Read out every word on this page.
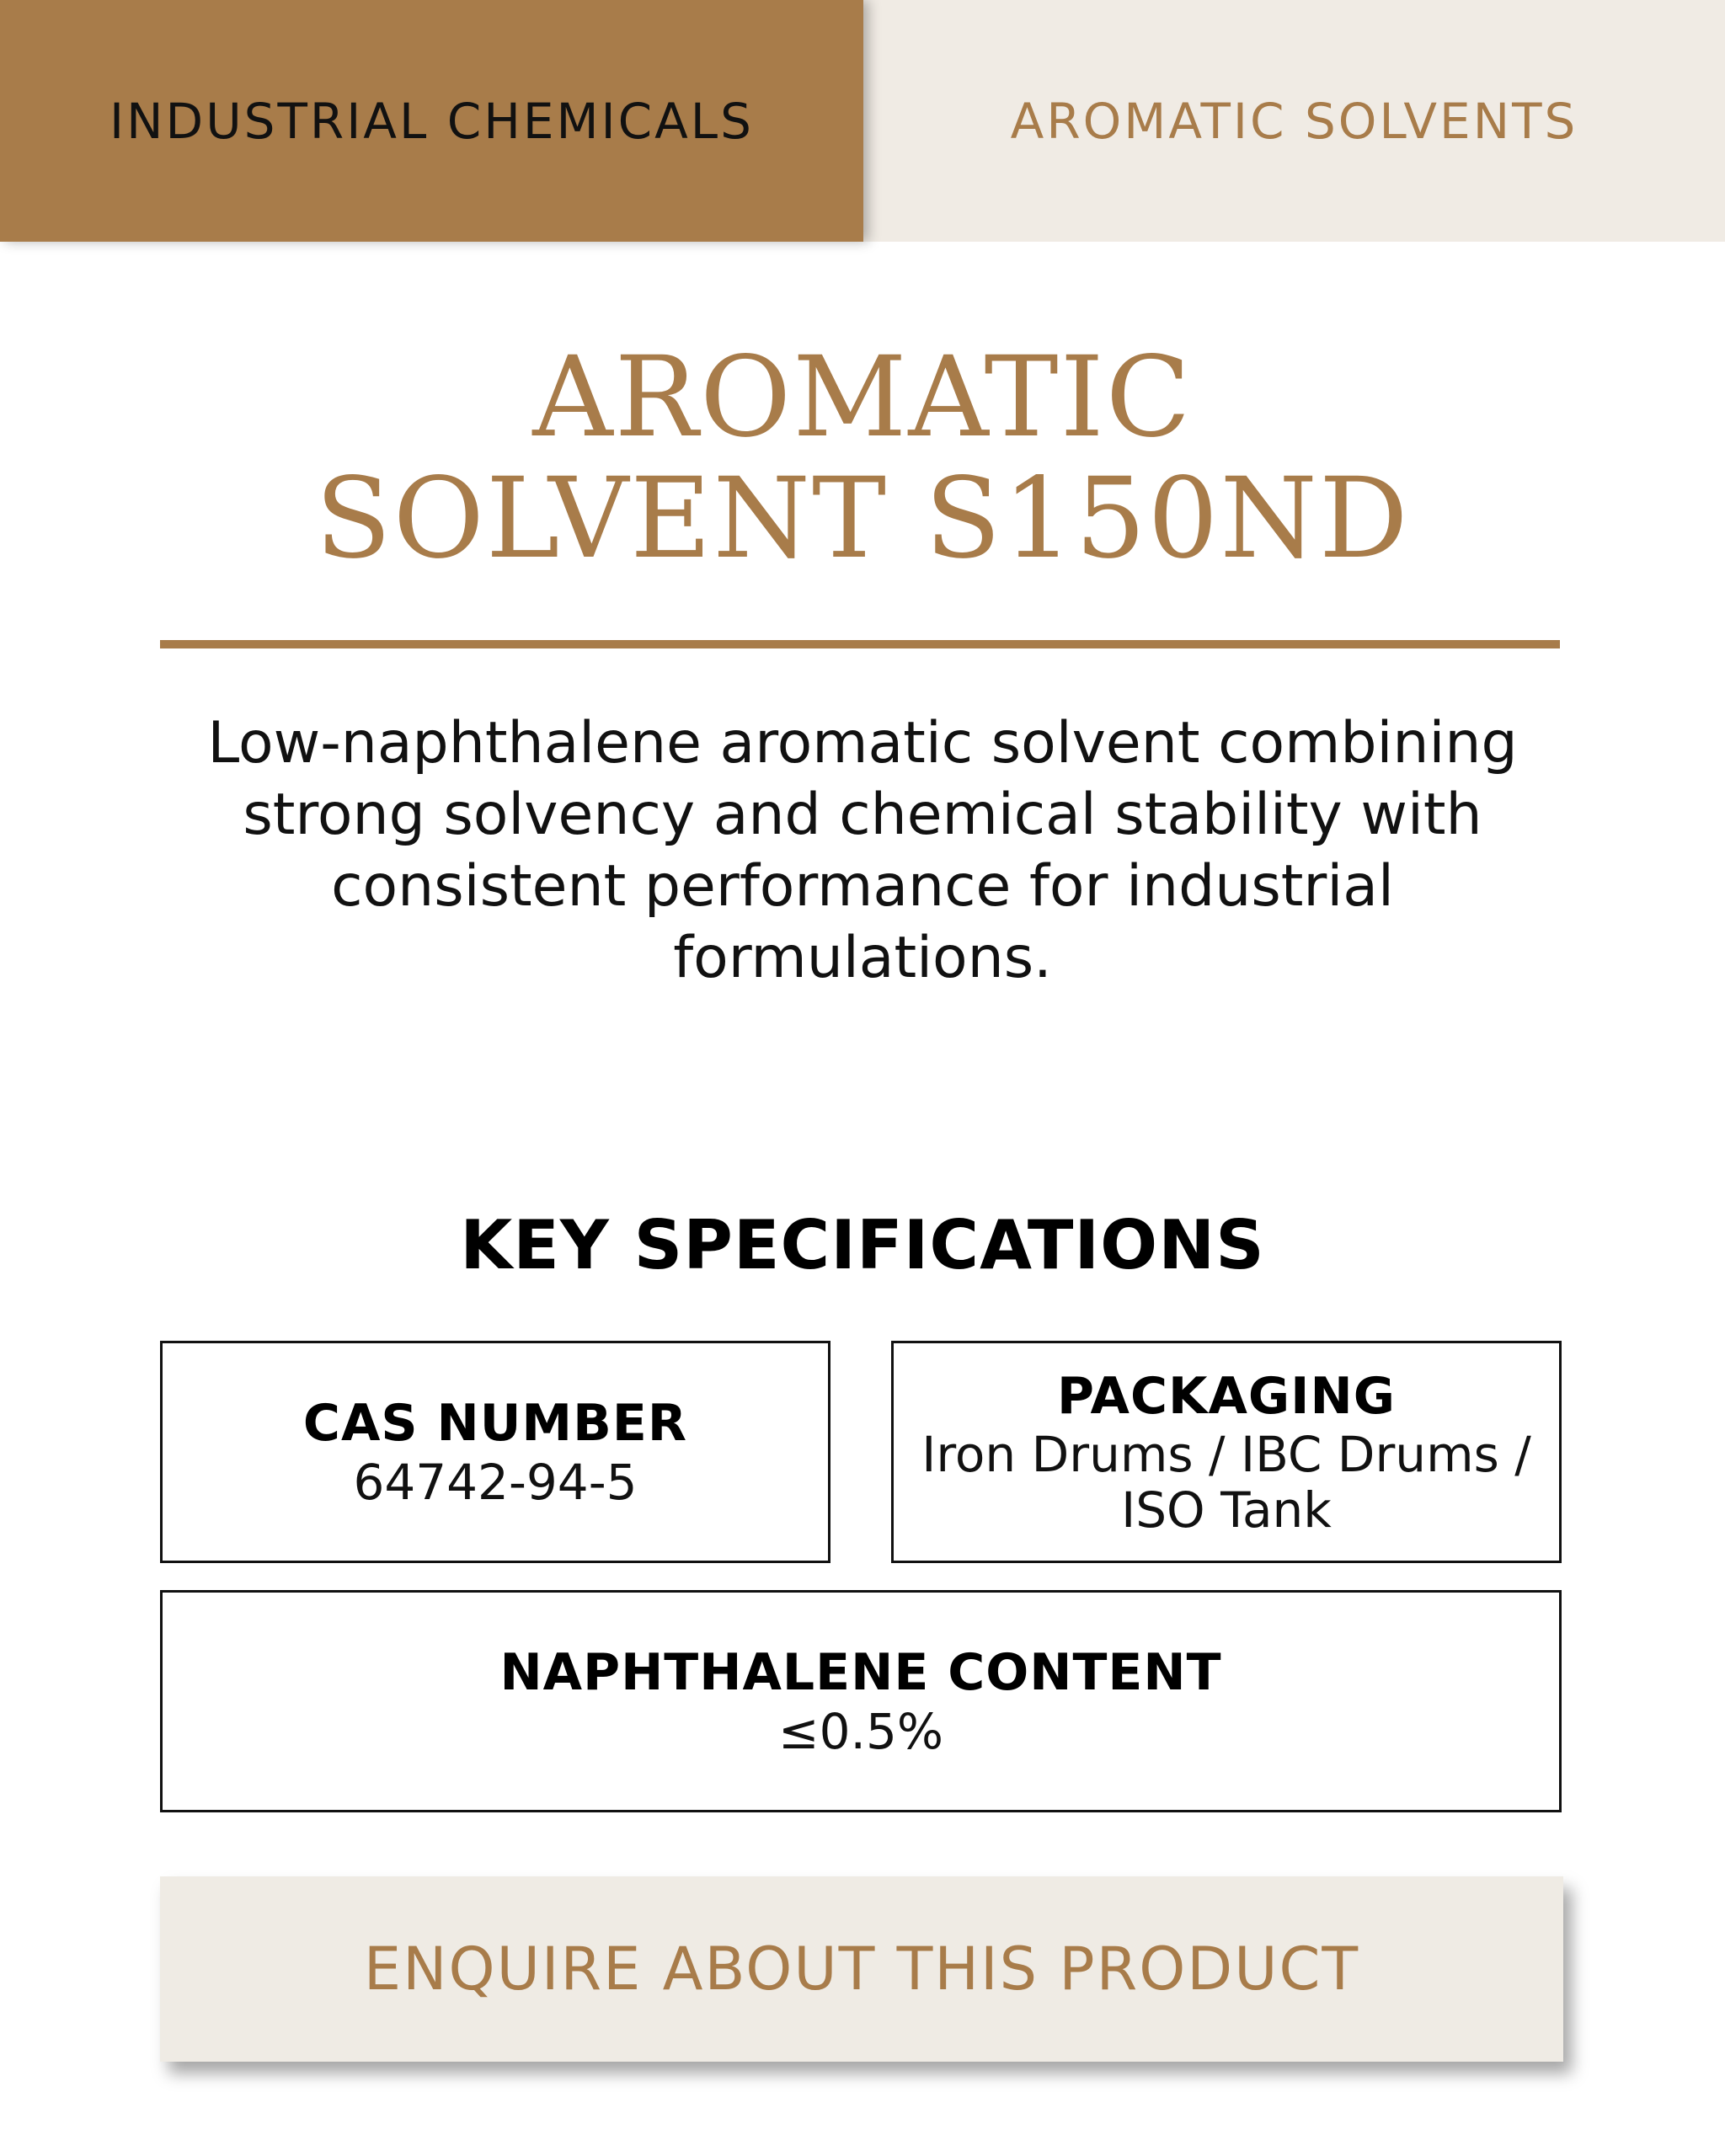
INDUSTRIAL CHEMICALS	AROMATIC SOLVENTS
AROMATIC
SOLVENT S150ND

Low-naphthalene aromatic solvent combining strong solvency and chemical stability with consistent performance for industrial formulations.

KEY SPECIFICATIONS
CAS NUMBER
64742-94-5
PACKAGING
Iron Drums / IBC Drums / ISO Tank
NAPHTHALENE CONTENT
≤0.5%
ENQUIRE ABOUT THIS PRODUCT
